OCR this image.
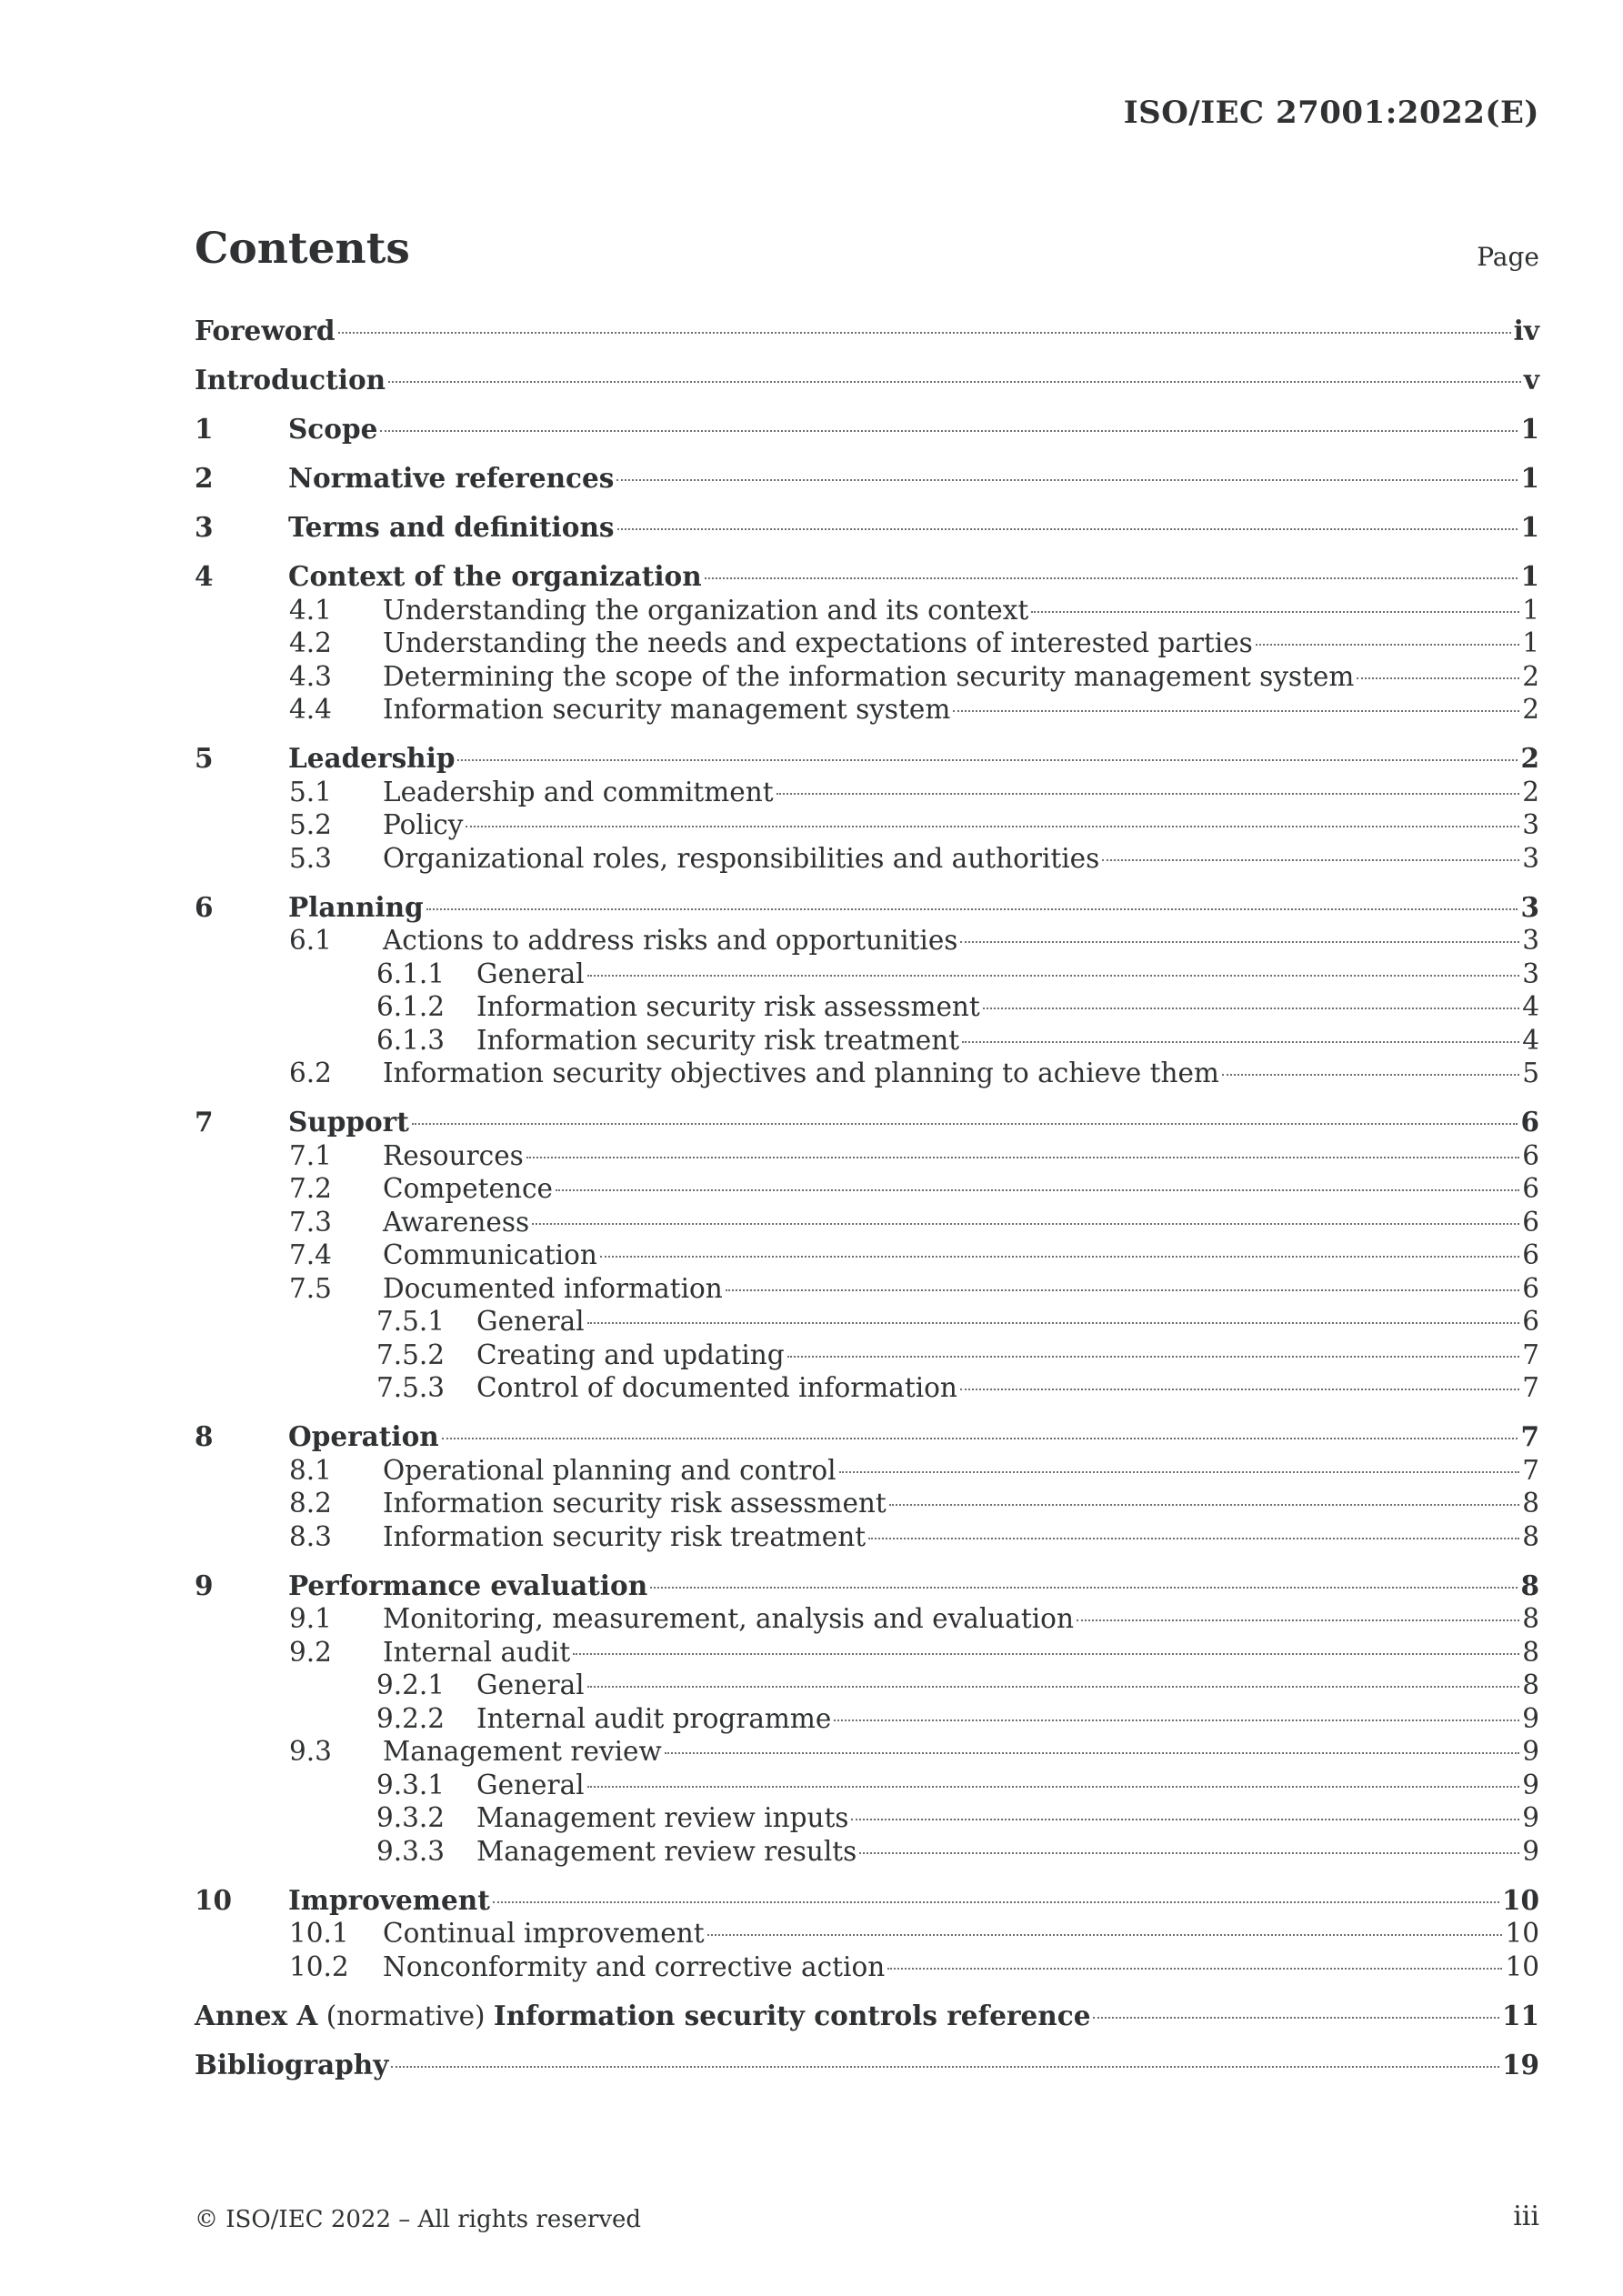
ISO/IEC 27001:2022(E)
Contents	Page
Foreword	iv
Introduction	v
1	Scope	1
2	Normative references	1
3	Terms and definitions	1
4	Context of the organization	1
4.1	Understanding the organization and its context	1
4.2	Understanding the needs and expectations of interested parties	1
4.3	Determining the scope of the information security management system	2
4.4	Information security management system	2
5	Leadership	2
5.1	Leadership and commitment	2
5.2	Policy	3
5.3	Organizational roles, responsibilities and authorities	3
6	Planning	3
6.1	Actions to address risks and opportunities	3
6.1.1	General	3
6.1.2	Information security risk assessment	4
6.1.3	Information security risk treatment	4
6.2	Information security objectives and planning to achieve them	5
7	Support	6
7.1	Resources	6
7.2	Competence	6
7.3	Awareness	6
7.4	Communication	6
7.5	Documented information	6
7.5.1	General	6
7.5.2	Creating and updating	7
7.5.3	Control of documented information	7
8	Operation	7
8.1	Operational planning and control	7
8.2	Information security risk assessment	8
8.3	Information security risk treatment	8
9	Performance evaluation	8
9.1	Monitoring, measurement, analysis and evaluation	8
9.2	Internal audit	8
9.2.1	General	8
9.2.2	Internal audit programme	9
9.3	Management review	9
9.3.1	General	9
9.3.2	Management review inputs	9
9.3.3	Management review results	9
10	Improvement	10
10.1	Continual improvement	10
10.2	Nonconformity and corrective action	10
Annex A (normative) Information security controls reference	11
Bibliography	19
© ISO/IEC 2022 – All rights reserved	iii
